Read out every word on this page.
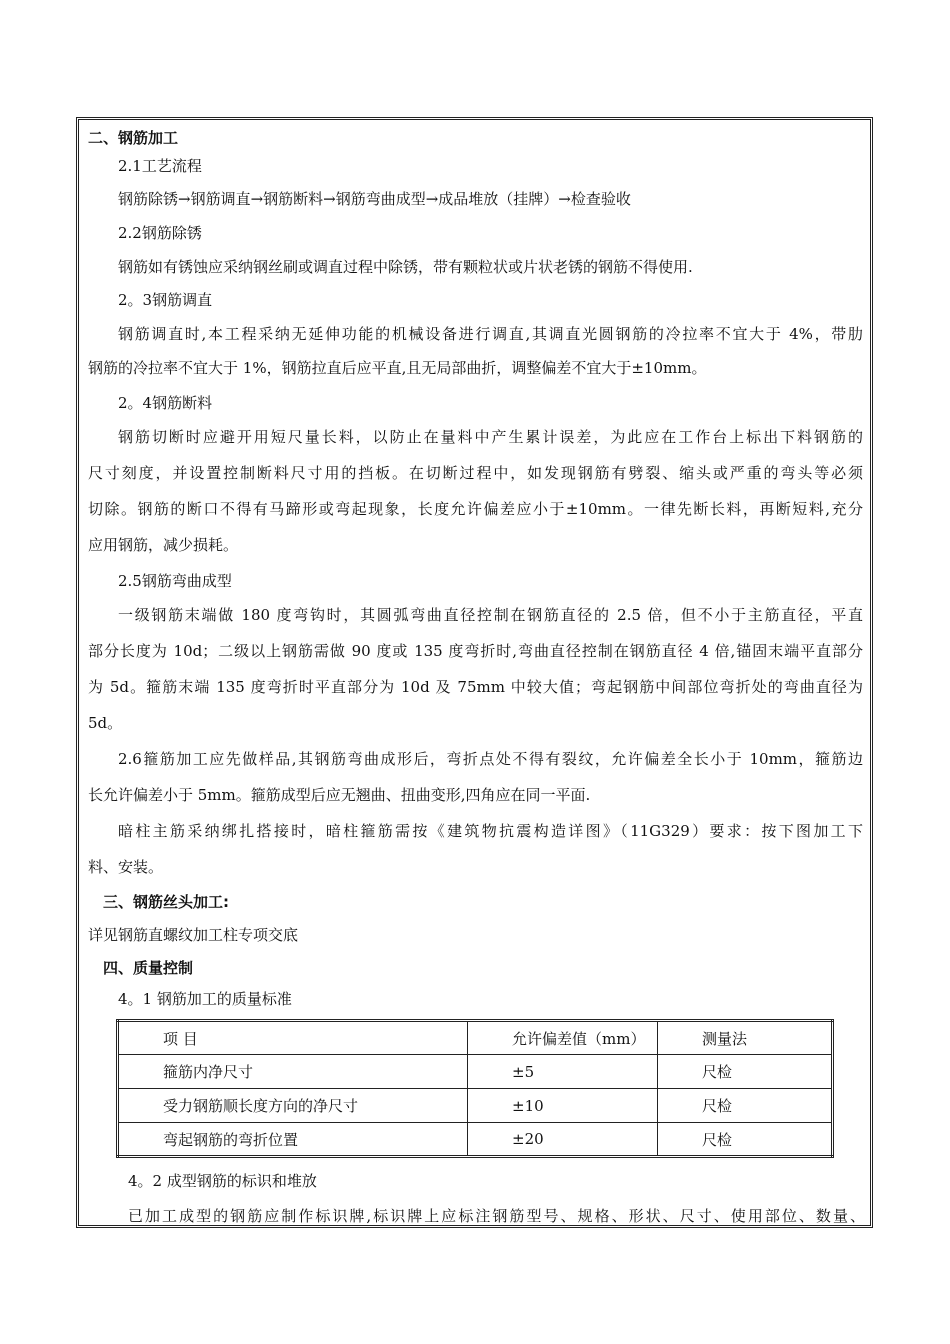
二、钢筋加工
2.1工艺流程
钢筋除锈→钢筋调直→钢筋断料→钢筋弯曲成型→成品堆放（挂牌）→检查验收
2.2钢筋除锈
钢筋如有锈蚀应采纳钢丝刷或调直过程中除锈，带有颗粒状或片状老锈的钢筋不得使用.
2。3钢筋调直
钢筋调直时,本工程采纳无延伸功能的机械设备进行调直,其调直光圆钢筋的冷拉率不宜大于 4%，带肋
钢筋的冷拉率不宜大于 1%，钢筋拉直后应平直,且无局部曲折，调整偏差不宜大于±10mm。
2。4钢筋断料
钢筋切断时应避开用短尺量长料，以防止在量料中产生累计误差，为此应在工作台上标出下料钢筋的
尺寸刻度，并设置控制断料尺寸用的挡板。在切断过程中，如发现钢筋有劈裂、缩头或严重的弯头等必须
切除。钢筋的断口不得有马蹄形或弯起现象，长度允许偏差应小于±10mm。一律先断长料，再断短料,充分
应用钢筋，减少损耗。
2.5钢筋弯曲成型
一级钢筋末端做 180 度弯钩时，其圆弧弯曲直径控制在钢筋直径的 2.5 倍，但不小于主筋直径，平直
部分长度为 10d；二级以上钢筋需做 90 度或 135 度弯折时,弯曲直径控制在钢筋直径 4 倍,锚固末端平直部分
为 5d。箍筋末端 135 度弯折时平直部分为 10d 及 75mm 中较大值；弯起钢筋中间部位弯折处的弯曲直径为
5d。
2.6箍筋加工应先做样品,其钢筋弯曲成形后，弯折点处不得有裂纹，允许偏差全长小于 10mm，箍筋边
长允许偏差小于 5mm。箍筋成型后应无翘曲、扭曲变形,四角应在同一平面.
暗柱主筋采纳绑扎搭接时，暗柱箍筋需按《建筑物抗震构造详图》（11G329）要求：按下图加工下
料、安装。
三、钢筋丝头加工:
详见钢筋直螺纹加工柱专项交底
四、质量控制
4。1 钢筋加工的质量标准
项 目	允许偏差值（mm）	测量法
箍筋内净尺寸	±5	尺检
受力钢筋顺长度方向的净尺寸	±10	尺检
弯起钢筋的弯折位置	±20	尺检
4。2 成型钢筋的标识和堆放
已加工成型的钢筋应制作标识牌,标识牌上应标注钢筋型号、规格、形状、尺寸、使用部位、数量、
